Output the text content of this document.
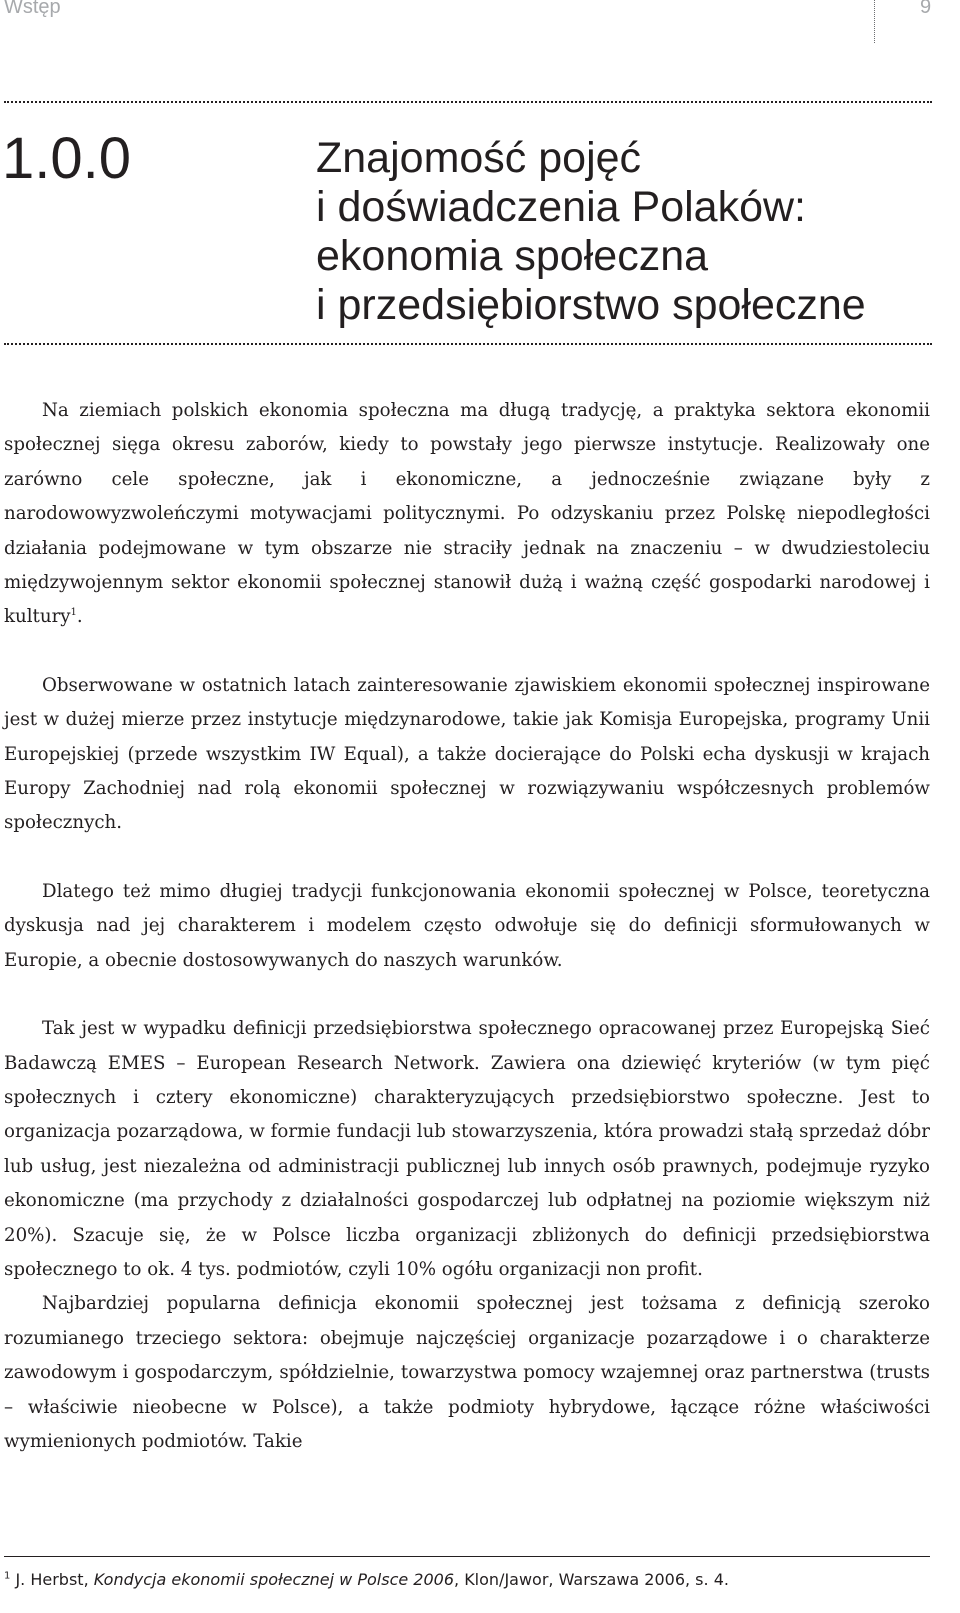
Wstęp	9
1.0.0	Znajomość pojęć
i doświadczenia Polaków:
ekonomia społeczna
i przedsiębiorstwo społeczne

Na ziemiach polskich ekonomia społeczna ma długą tradycję, a praktyka sektora ekonomii społecznej sięga okresu zaborów, kiedy to powstały jego pierwsze instytucje. Realizowały one zarówno cele społeczne, jak i ekonomiczne, a jednocześnie związane były z narodowowyzwoleńczymi motywacjami politycznymi. Po odzyskaniu przez Polskę niepodległości działania podejmowane w tym obszarze nie straciły jednak na znaczeniu – w dwudziestoleciu międzywojennym sektor ekonomii społecznej stanowił dużą i ważną część gospodarki narodowej i kultury$^1$.

Obserwowane w ostatnich latach zainteresowanie zjawiskiem ekonomii społecznej inspirowane jest w dużej mierze przez instytucje międzynarodowe, takie jak Komisja Europejska, programy Unii Europejskiej (przede wszystkim IW Equal), a także docierające do Polski echa dyskusji w krajach Europy Zachodniej nad rolą ekonomii społecznej w rozwiązywaniu współczesnych problemów społecznych.

Dlatego też mimo długiej tradycji funkcjonowania ekonomii społecznej w Polsce, teoretyczna dyskusja nad jej charakterem i modelem często odwołuje się do definicji sformułowanych w Europie, a obecnie dostosowywanych do naszych warunków.

Tak jest w wypadku definicji przedsiębiorstwa społecznego opracowanej przez Europejską Sieć Badawczą EMES – European Research Network. Zawiera ona dziewięć kryteriów (w tym pięć społecznych i cztery ekonomiczne) charakteryzujących przedsiębiorstwo społeczne. Jest to organizacja pozarządowa, w formie fundacji lub stowarzyszenia, która prowadzi stałą sprzedaż dóbr lub usług, jest niezależna od administracji publicznej lub innych osób prawnych, podejmuje ryzyko ekonomiczne (ma przychody z działalności gospodarczej lub odpłatnej na poziomie większym niż 20%). Szacuje się, że w Polsce liczba organizacji zbliżonych do definicji przedsiębiorstwa społecznego to ok. 4 tys. podmiotów, czyli 10% ogółu organizacji non profit.

Najbardziej popularna definicja ekonomii społecznej jest tożsama z definicją szeroko rozumianego trzeciego sektora: obejmuje najczęściej organizacje pozarządowe i o charakterze zawodowym i gospodarczym, spółdzielnie, towarzystwa pomocy wzajemnej oraz partnerstwa (trusts – właściwie nieobecne w Polsce), a także podmioty hybrydowe, łączące różne właściwości wymienionych podmiotów. Takie

$^1$ J. Herbst, Kondycja ekonomii społecznej w Polsce 2006, Klon/Jawor, Warszawa 2006, s. 4.
